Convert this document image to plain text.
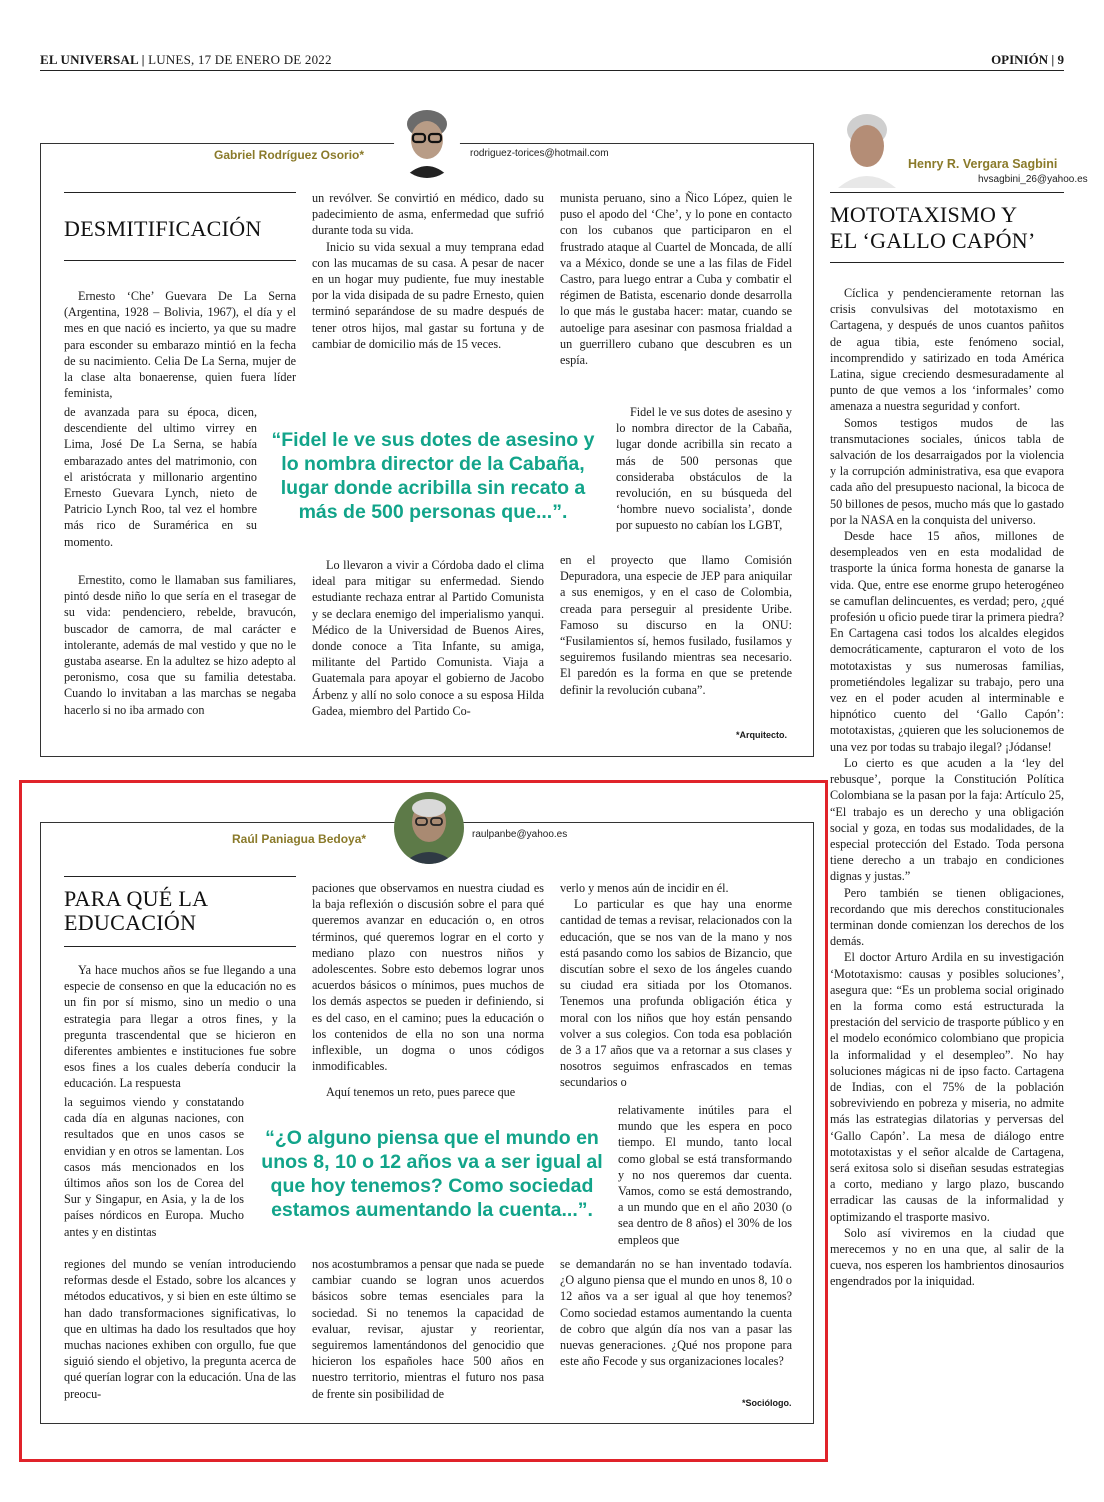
EL UNIVERSAL | LUNES, 17 DE ENERO DE 2022	OPINIÓN | 9
Gabriel Rodríguez Osorio*	rodriguez-torices@hotmail.com
DESMITIFICACIÓN

Ernesto ‘Che’ Guevara De La Serna (Argentina, 1928 – Bolivia, 1967), el día y el mes en que nació es incierto, ya que su madre para esconder su embarazo mintió en la fecha de su nacimiento. Celia De La Serna, mujer de la clase alta bonaerense, quien fuera líder feminista,

de avanzada para su época, dicen, descendiente del ultimo virrey en Lima, José De La Serna, se había embarazado antes del matrimonio, con el aristócrata y millonario argentino Ernesto Guevara Lynch, nieto de Patricio Lynch Roo, tal vez el hombre más rico de Suramérica en su momento.

Ernestito, como le llamaban sus familiares, pintó desde niño lo que sería en el trasegar de su vida: pendenciero, rebelde, bravucón, buscador de camorra, de mal carácter e intolerante, además de mal vestido y que no le gustaba asearse. En la adultez se hizo adepto al peronismo, cosa que su familia detestaba. Cuando lo invitaban a las marchas se negaba hacerlo si no iba armado con

un revólver. Se convirtió en médico, dado su padecimiento de asma, enfermedad que sufrió durante toda su vida.

Inicio su vida sexual a muy temprana edad con las mucamas de su casa. A pesar de nacer en un hogar muy pudiente, fue muy inestable por la vida disipada de su padre Ernesto, quien terminó separándose de su madre después de tener otros hijos, mal gastar su fortuna y de cambiar de domicilio más de 15 veces.

“Fidel le ve sus dotes de asesino y lo nombra director de la Cabaña, lugar donde acribilla sin recato a más de 500 personas que...”.

Lo llevaron a vivir a Córdoba dado el clima ideal para mitigar su enfermedad. Siendo estudiante rechaza entrar al Partido Comunista y se declara enemigo del imperialismo yanqui. Médico de la Universidad de Buenos Aires, donde conoce a Tita Infante, su amiga, militante del Partido Comunista. Viaja a Guatemala para apoyar el gobierno de Jacobo Árbenz y allí no solo conoce a su esposa Hilda Gadea, miembro del Partido Co-

munista peruano, sino a Ñico López, quien le puso el apodo del ‘Che’, y lo pone en contacto con los cubanos que participaron en el frustrado ataque al Cuartel de Moncada, de allí va a México, donde se une a las filas de Fidel Castro, para luego entrar a Cuba y combatir el régimen de Batista, escenario donde desarrolla lo que más le gustaba hacer: matar, cuando se autoelige para asesinar con pasmosa frialdad a un guerrillero cubano que descubren es un espía.

Fidel le ve sus dotes de asesino y lo nombra director de la Cabaña, lugar donde acribilla sin recato a más de 500 personas que consideraba obstáculos de la revolución, en su búsqueda del ‘hombre nuevo socialista’, donde por supuesto no cabían los LGBT,

en el proyecto que llamo Comisión Depuradora, una especie de JEP para aniquilar a sus enemigos, y en el caso de Colombia, creada para perseguir al presidente Uribe. Famoso su discurso en la ONU: “Fusilamientos sí, hemos fusilado, fusilamos y seguiremos fusilando mientras sea necesario. El paredón es la forma en que se pretende definir la revolución cubana”.

*Arquitecto.
Raúl Paniagua Bedoya*	raulpanbe@yahoo.es
PARA QUÉ LA
EDUCACIÓN

Ya hace muchos años se fue llegando a una especie de consenso en que la educación no es un fin por sí mismo, sino un medio o una estrategia para llegar a otros fines, y la pregunta trascendental que se hicieron en diferentes ambientes e instituciones fue sobre esos fines a los cuales debería conducir la educación. La respuesta

la seguimos viendo y constatando cada día en algunas naciones, con resultados que en unos casos se envidian y en otros se lamentan. Los casos más mencionados en los últimos años son los de Corea del Sur y Singapur, en Asia, y la de los países nórdicos en Europa. Mucho antes y en distintas

regiones del mundo se venían introduciendo reformas desde el Estado, sobre los alcances y métodos educativos, y si bien en este último se han dado transformaciones significativas, lo que en ultimas ha dado los resultados que hoy muchas naciones exhiben con orgullo, fue que siguió siendo el objetivo, la pregunta acerca de qué querían lograr con la educación. Una de las preocu-

paciones que observamos en nuestra ciudad es la baja reflexión o discusión sobre el para qué queremos avanzar en educación o, en otros términos, qué queremos lograr en el corto y mediano plazo con nuestros niños y adolescentes. Sobre esto debemos lograr unos acuerdos básicos o mínimos, pues muchos de los demás aspectos se pueden ir definiendo, si es del caso, en el camino; pues la educación o los contenidos de ella no son una norma inflexible, un dogma o unos códigos inmodificables.

Aquí tenemos un reto, pues parece que

“¿O alguno piensa que el mundo en unos 8, 10 o 12 años va a ser igual al que hoy tenemos? Como sociedad estamos aumentando la cuenta...”.

nos acostumbramos a pensar que nada se puede cambiar cuando se logran unos acuerdos básicos sobre temas esenciales para la sociedad. Si no tenemos la capacidad de evaluar, revisar, ajustar y reorientar, seguiremos lamentándonos del genocidio que hicieron los españoles hace 500 años en nuestro territorio, mientras el futuro nos pasa de frente sin posibilidad de

verlo y menos aún de incidir en él.

Lo particular es que hay una enorme cantidad de temas a revisar, relacionados con la educación, que se nos van de la mano y nos está pasando como los sabios de Bizancio, que discutían sobre el sexo de los ángeles cuando su ciudad era sitiada por los Otomanos. Tenemos una profunda obligación ética y moral con los niños que hoy están pensando volver a sus colegios. Con toda esa población de 3 a 17 años que va a retornar a sus clases y nosotros seguimos enfrascados en temas secundarios o

relativamente inútiles para el mundo que les espera en poco tiempo. El mundo, tanto local como global se está transformando y no nos queremos dar cuenta. Vamos, como se está demostrando, a un mundo que en el año 2030 (o sea dentro de 8 años) el 30% de los empleos que

se demandarán no se han inventado todavía. ¿O alguno piensa que el mundo en unos 8, 10 o 12 años va a ser igual al que hoy tenemos? Como sociedad estamos aumentando la cuenta de cobro que algún día nos van a pasar las nuevas generaciones. ¿Qué nos propone para este año Fecode y sus organizaciones locales?

*Sociólogo.
Henry R. Vergara Sagbini
hvsagbini_26@yahoo.es
MOTOTAXISMO Y
EL ‘GALLO CAPÓN’

Cíclica y pendencieramente retornan las crisis convulsivas del mototaxismo en Cartagena, y después de unos cuantos pañitos de agua tibia, este fenómeno social, incomprendido y satirizado en toda América Latina, sigue creciendo desmesuradamente al punto de que vemos a los ‘informales’ como amenaza a nuestra seguridad y confort.

Somos testigos mudos de las transmutaciones sociales, únicos tabla de salvación de los desarraigados por la violencia y la corrupción administrativa, esa que evapora cada año del presupuesto nacional, la bicoca de 50 billones de pesos, mucho más que lo gastado por la NASA en la conquista del universo.

Desde hace 15 años, millones de desempleados ven en esta modalidad de trasporte la única forma honesta de ganarse la vida. Que, entre ese enorme grupo heterogéneo se camuflan delincuentes, es verdad; pero, ¿qué profesión u oficio puede tirar la primera piedra? En Cartagena casi todos los alcaldes elegidos democráticamente, capturaron el voto de los mototaxistas y sus numerosas familias, prometiéndoles legalizar su trabajo, pero una vez en el poder acuden al interminable e hipnótico cuento del ‘Gallo Capón’: mototaxistas, ¿quieren que les solucionemos de una vez por todas su trabajo ilegal? ¡Jódanse!

Lo cierto es que acuden a la ‘ley del rebusque’, porque la Constitución Política Colombiana se la pasan por la faja: Artículo 25, “El trabajo es un derecho y una obligación social y goza, en todas sus modalidades, de la especial protección del Estado. Toda persona tiene derecho a un trabajo en condiciones dignas y justas.”

Pero también se tienen obligaciones, recordando que mis derechos constitucionales terminan donde comienzan los derechos de los demás.

El doctor Arturo Ardila en su investigación ‘Mototaxismo: causas y posibles soluciones’, asegura que: “Es un problema social originado en la forma como está estructurada la prestación del servicio de trasporte público y en el modelo económico colombiano que propicia la informalidad y el desempleo”. No hay soluciones mágicas ni de ipso facto. Cartagena de Indias, con el 75% de la población sobreviviendo en pobreza y miseria, no admite más las estrategias dilatorias y perversas del ‘Gallo Capón’. La mesa de diálogo entre mototaxistas y el señor alcalde de Cartagena, será exitosa solo si diseñan sesudas estrategias a corto, mediano y largo plazo, buscando erradicar las causas de la informalidad y optimizando el trasporte masivo.

Solo así viviremos en la ciudad que merecemos y no en una que, al salir de la cueva, nos esperen los hambrientos dinosaurios engendrados por la iniquidad.
